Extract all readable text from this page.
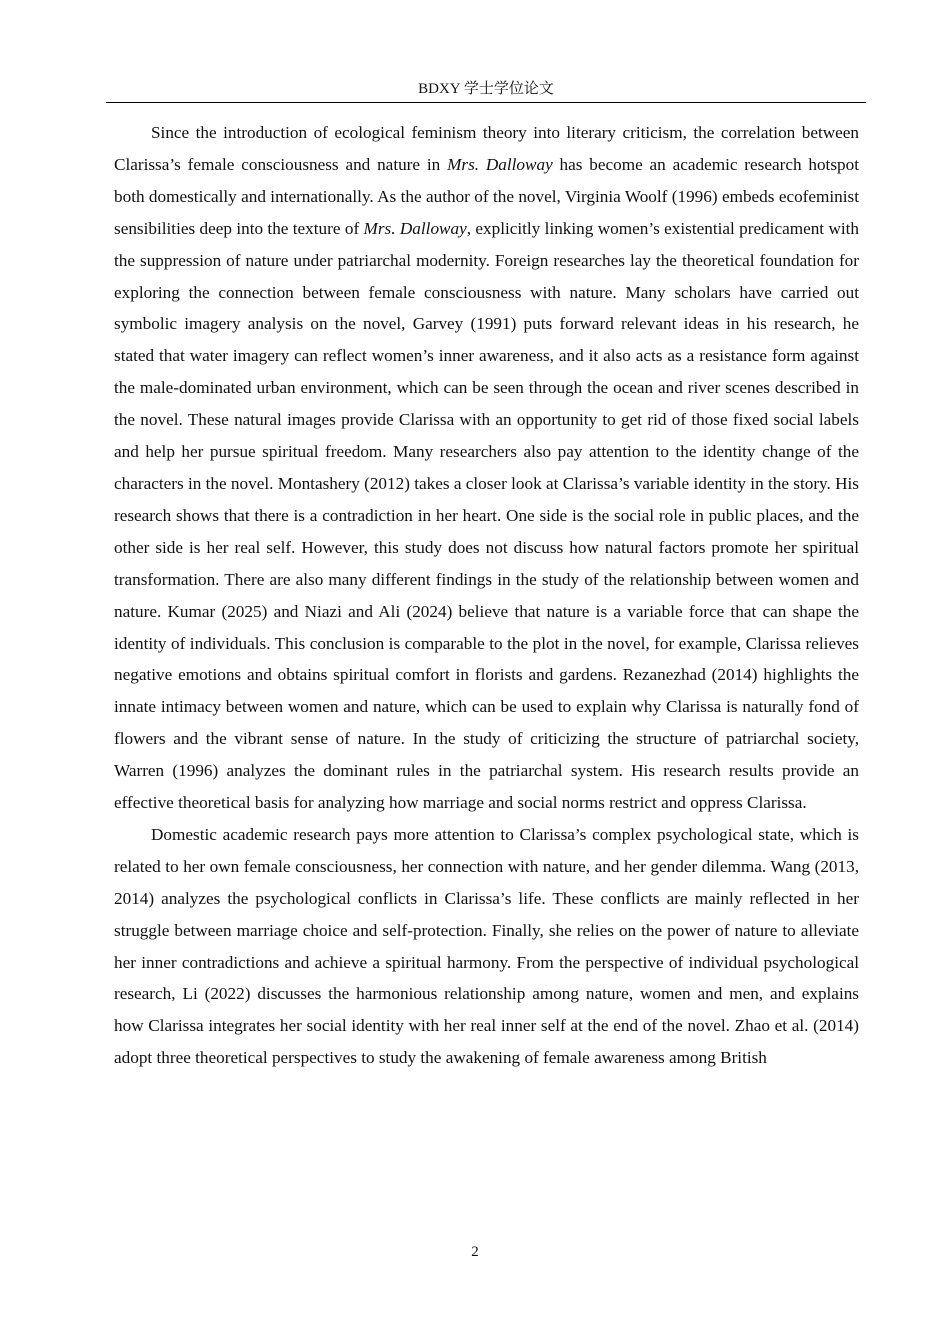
BDXY 学士学位论文

Since the introduction of ecological feminism theory into literary criticism, the correlation between Clarissa’s female consciousness and nature in Mrs. Dalloway has become an academic research hotspot both domestically and internationally. As the author of the novel, Virginia Woolf (1996) embeds ecofeminist sensibilities deep into the texture of Mrs. Dalloway, explicitly linking women’s existential predicament with the suppression of nature under patriarchal modernity. Foreign researches lay the theoretical foundation for exploring the connection between female consciousness with nature. Many scholars have carried out symbolic imagery analysis on the novel, Garvey (1991) puts forward relevant ideas in his research, he stated that water imagery can reflect women’s inner awareness, and it also acts as a resistance form against the male-dominated urban environment, which can be seen through the ocean and river scenes described in the novel. These natural images provide Clarissa with an opportunity to get rid of those fixed social labels and help her pursue spiritual freedom. Many researchers also pay attention to the identity change of the characters in the novel. Montashery (2012) takes a closer look at Clarissa’s variable identity in the story. His research shows that there is a contradiction in her heart. One side is the social role in public places, and the other side is her real self. However, this study does not discuss how natural factors promote her spiritual transformation. There are also many different findings in the study of the relationship between women and nature. Kumar (2025) and Niazi and Ali (2024) believe that nature is a variable force that can shape the identity of individuals. This conclusion is comparable to the plot in the novel, for example, Clarissa relieves negative emotions and obtains spiritual comfort in florists and gardens. Rezanezhad (2014) highlights the innate intimacy between women and nature, which can be used to explain why Clarissa is naturally fond of flowers and the vibrant sense of nature. In the study of criticizing the structure of patriarchal society, Warren (1996) analyzes the dominant rules in the patriarchal system. His research results provide an effective theoretical basis for analyzing how marriage and social norms restrict and oppress Clarissa.

Domestic academic research pays more attention to Clarissa’s complex psychological state, which is related to her own female consciousness, her connection with nature, and her gender dilemma. Wang (2013, 2014) analyzes the psychological conflicts in Clarissa’s life. These conflicts are mainly reflected in her struggle between marriage choice and self-protection. Finally, she relies on the power of nature to alleviate her inner contradictions and achieve a spiritual harmony. From the perspective of individual psychological research, Li (2022) discusses the harmonious relationship among nature, women and men, and explains how Clarissa integrates her social identity with her real inner self at the end of the novel. Zhao et al. (2014) adopt three theoretical perspectives to study the awakening of female awareness among British

2
